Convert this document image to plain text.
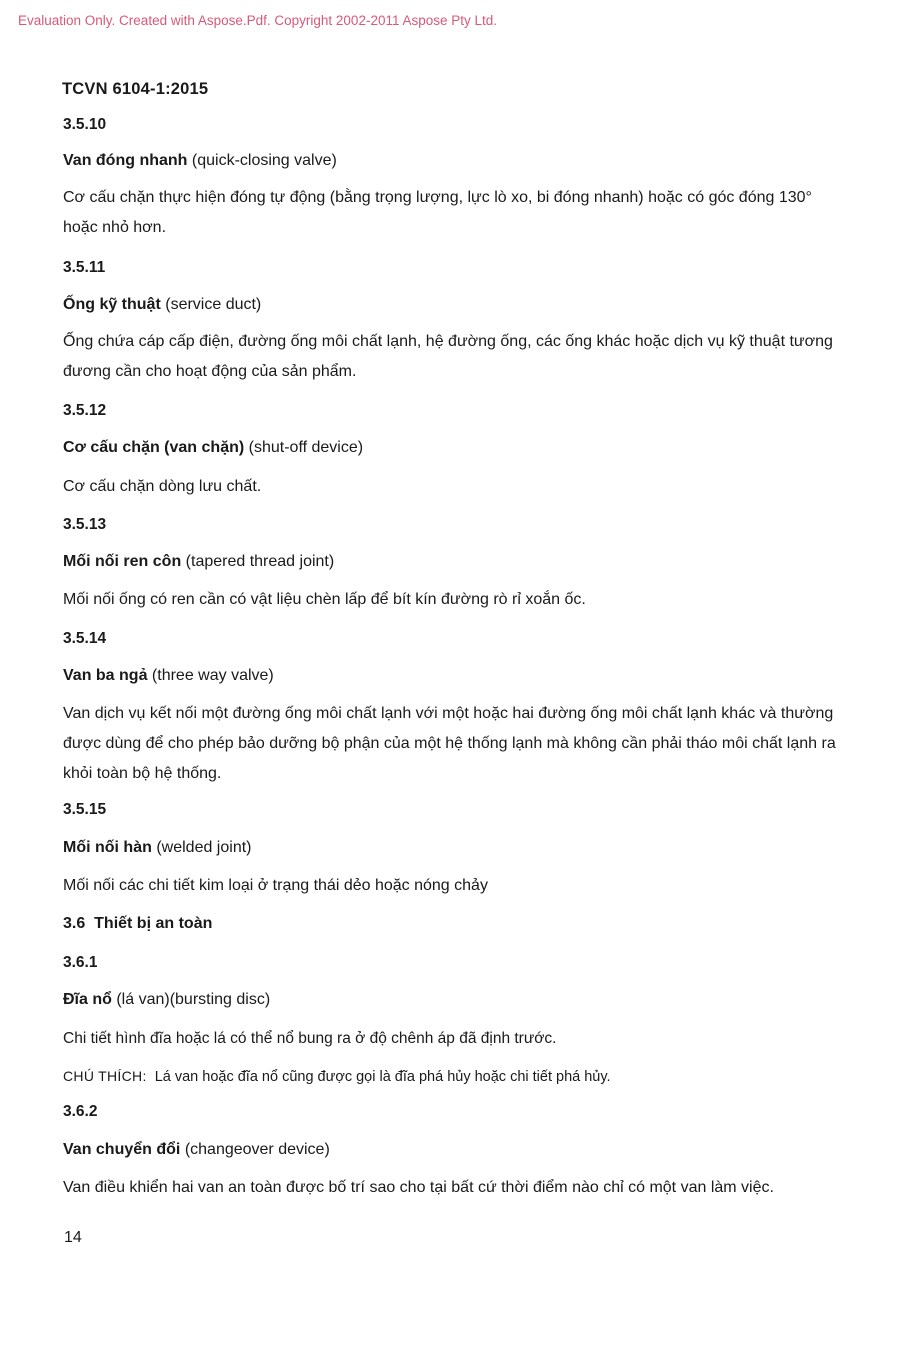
Evaluation Only. Created with Aspose.Pdf. Copyright 2002-2011 Aspose Pty Ltd.
TCVN 6104-1:2015
3.5.10
Van đóng nhanh (quick-closing valve)
Cơ cấu chặn thực hiện đóng tự động (bằng trọng lượng, lực lò xo, bi đóng nhanh) hoặc có góc đóng 130° hoặc nhỏ hơn.
3.5.11
Ống kỹ thuật (service duct)
Ống chứa cáp cấp điện, đường ống môi chất lạnh, hệ đường ống, các ống khác hoặc dịch vụ kỹ thuật tương đương cần cho hoạt động của sản phẩm.
3.5.12
Cơ cấu chặn (van chặn) (shut-off device)
Cơ cấu chặn dòng lưu chất.
3.5.13
Mối nối ren côn (tapered thread joint)
Mối nối ống có ren cần có vật liệu chèn lấp để bít kín đường rò rỉ xoắn ốc.
3.5.14
Van ba ngả (three way valve)
Van dịch vụ kết nối một đường ống môi chất lạnh với một hoặc hai đường ống môi chất lạnh khác và thường được dùng để cho phép bảo dưỡng bộ phận của một hệ thống lạnh mà không cần phải tháo môi chất lạnh ra khỏi toàn bộ hệ thống.
3.5.15
Mối nối hàn (welded joint)
Mối nối các chi tiết kim loại ở trạng thái dẻo hoặc nóng chảy
3.6 Thiết bị an toàn
3.6.1
Đĩa nổ (lá van)(bursting disc)
Chi tiết hình đĩa hoặc lá có thể nổ bung ra ở độ chênh áp đã định trước.
CHÚ THÍCH: Lá van hoặc đĩa nổ cũng được gọi là đĩa phá hủy hoặc chi tiết phá hủy.
3.6.2
Van chuyển đổi (changeover device)
Van điều khiển hai van an toàn được bố trí sao cho tại bất cứ thời điểm nào chỉ có một van làm việc.
14
